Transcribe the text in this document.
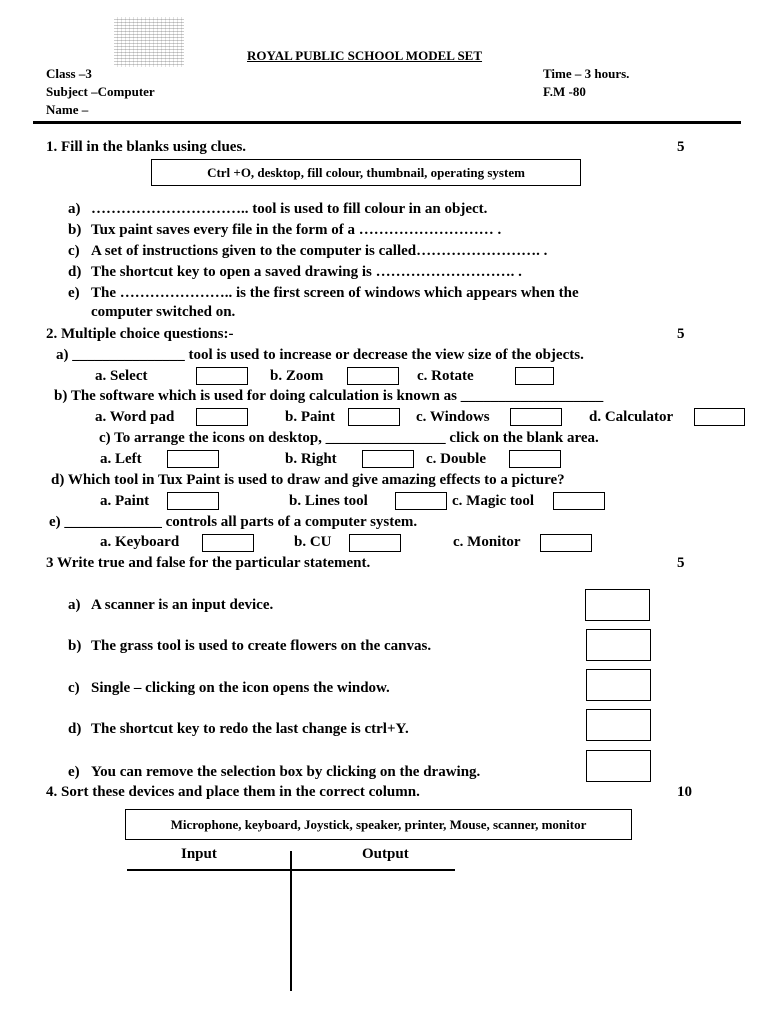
ROYAL PUBLIC SCHOOL MODEL SET
Class –3
Subject –Computer
Name –
Time – 3 hours.
F.M -80
1. Fill in the blanks using clues.	5
Ctrl +O, desktop, fill colour, thumbnail, operating system
a) ………………………….. tool is used to fill colour in an object.
b) Tux paint saves every file in the form of a ……………………… .
c) A set of instructions given to the computer is called……………………. .
d) The shortcut key to open a saved drawing is ………………………. .
e) The ………………….. is the first screen of windows which appears when the
computer switched on.
2. Multiple choice questions:-	5
a) _______________ tool is used to increase or decrease the view size of the objects.
a. Select	b. Zoom	c. Rotate
b) The software which is used for doing calculation is known as ___________________
a. Word pad	b. Paint	c. Windows	d. Calculator
c) To arrange the icons on desktop, ________________ click on the blank area.
a. Left	b. Right	c. Double
d) Which tool in Tux Paint is used to draw and give amazing effects to a picture?
a. Paint	b. Lines tool	c. Magic tool
e) _____________ controls all parts of a computer system.
a. Keyboard	b. CU	c. Monitor
3 Write true and false for the particular statement.	5
a) A scanner is an input device.
b) The grass tool is used to create flowers on the canvas.
c) Single – clicking on the icon opens the window.
d) The shortcut key to redo the last change is ctrl+Y.
e) You can remove the selection box by clicking on the drawing.
4. Sort these devices and place them in the correct column.	10
Microphone, keyboard, Joystick, speaker, printer, Mouse, scanner, monitor
Input	Output
